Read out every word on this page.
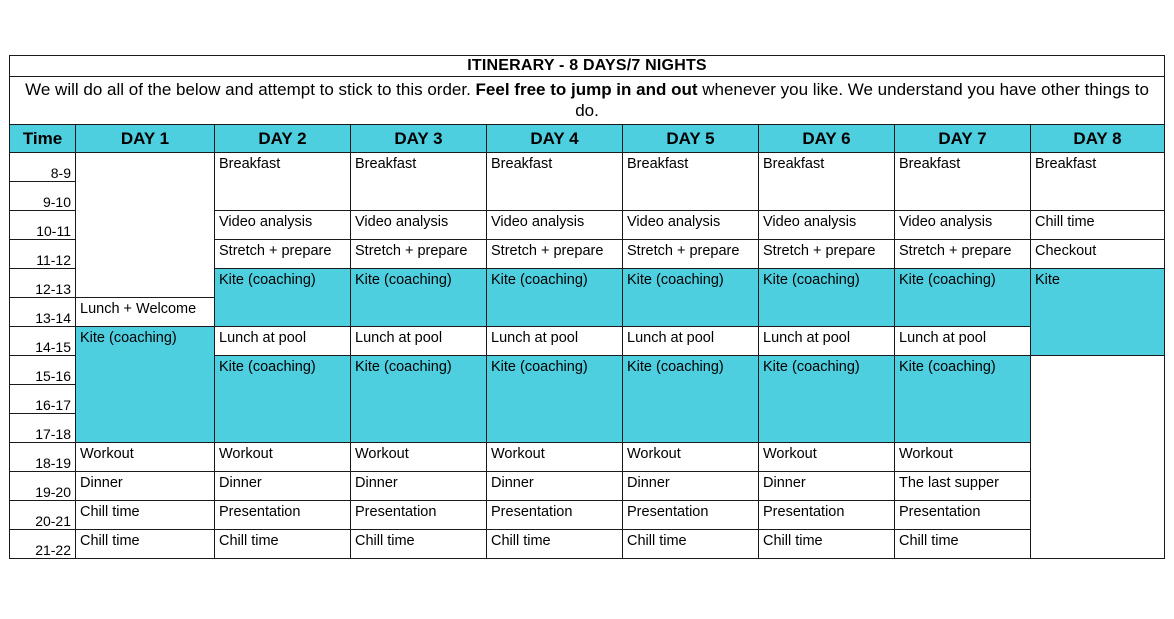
ITINERARY - 8 DAYS/7 NIGHTS								
We will do all of the below and attempt to stick to this order. Feel free to jump in and out whenever you like. We understand you have other things to do.								
Time	DAY 1	DAY 2	DAY 3	DAY 4	DAY 5	DAY 6	DAY 7	DAY 8
8-9		Breakfast	Breakfast	Breakfast	Breakfast	Breakfast	Breakfast	Breakfast
9-10								
10-11		Video analysis	Video analysis	Video analysis	Video analysis	Video analysis	Video analysis	Chill time
11-12		Stretch + prepare	Stretch + prepare	Stretch + prepare	Stretch + prepare	Stretch + prepare	Stretch + prepare	Checkout
12-13		Kite (coaching)	Kite (coaching)	Kite (coaching)	Kite (coaching)	Kite (coaching)	Kite (coaching)	Kite
13-14	Lunch + Welcome							
14-15	Kite (coaching)	Lunch at pool	Lunch at pool	Lunch at pool	Lunch at pool	Lunch at pool	Lunch at pool	
15-16		Kite (coaching)	Kite (coaching)	Kite (coaching)	Kite (coaching)	Kite (coaching)	Kite (coaching)	
16-17								
17-18								
18-19	Workout	Workout	Workout	Workout	Workout	Workout	Workout	
19-20	Dinner	Dinner	Dinner	Dinner	Dinner	Dinner	The last supper	
20-21	Chill time	Presentation	Presentation	Presentation	Presentation	Presentation	Presentation	
21-22	Chill time	Chill time	Chill time	Chill time	Chill time	Chill time	Chill time	
